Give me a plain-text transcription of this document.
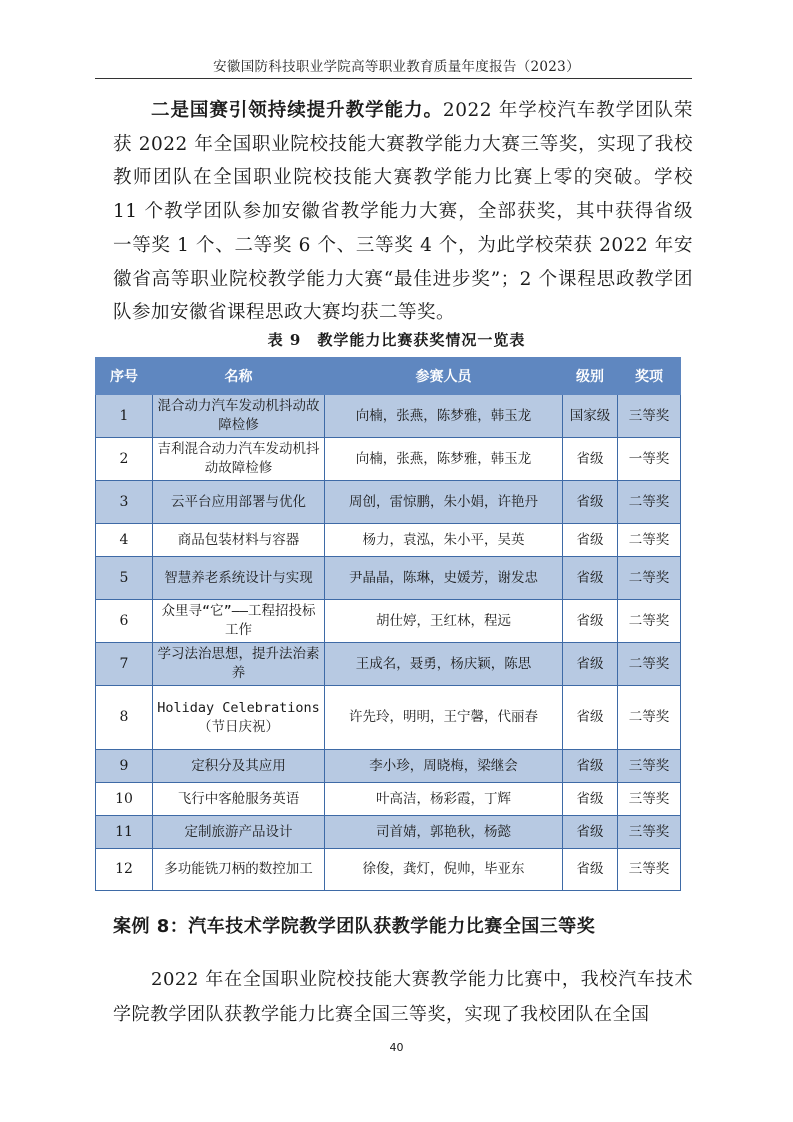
安徽国防科技职业学院高等职业教育质量年度报告（2023）
二是国赛引领持续提升教学能力。2022 年学校汽车教学团队荣获 2022 年全国职业院校技能大赛教学能力大赛三等奖，实现了我校教师团队在全国职业院校技能大赛教学能力比赛上零的突破。学校 11 个教学团队参加安徽省教学能力大赛，全部获奖，其中获得省级一等奖 1 个、二等奖 6 个、三等奖 4 个，为此学校荣获 2022 年安徽省高等职业院校教学能力大赛“最佳进步奖”；2 个课程思政教学团队参加安徽省课程思政大赛均获二等奖。
表 9　教学能力比赛获奖情况一览表
序号	名称	参赛人员	级别	奖项
1	混合动力汽车发动机抖动故障检修	向楠，张燕，陈梦雅，韩玉龙	国家级	三等奖
2	吉利混合动力汽车发动机抖动故障检修	向楠，张燕，陈梦雅，韩玉龙	省级	一等奖
3	云平台应用部署与优化	周创，雷惊鹏，朱小娟，许艳丹	省级	二等奖
4	商品包装材料与容器	杨力，袁泓，朱小平，吴英	省级	二等奖
5	智慧养老系统设计与实现	尹晶晶，陈琳，史媛芳，谢发忠	省级	二等奖
6	众里寻“它”——工程招投标工作	胡仕婷，王红林，程远	省级	二等奖
7	学习法治思想，提升法治素养	王成名，聂勇，杨庆颖，陈思	省级	二等奖
8	Holiday Celebrations（节日庆祝）	许先玲，明明，王宁馨，代丽春	省级	二等奖
9	定积分及其应用	李小珍，周晓梅，梁继会	省级	三等奖
10	飞行中客舱服务英语	叶高洁，杨彩霞，丁辉	省级	三等奖
11	定制旅游产品设计	司首婧，郭艳秋，杨懿	省级	三等奖
12	多功能铣刀柄的数控加工	徐俊，龚灯，倪帅，毕亚东	省级	三等奖
案例 8：汽车技术学院教学团队获教学能力比赛全国三等奖
2022 年在全国职业院校技能大赛教学能力比赛中，我校汽车技术学院教学团队获教学能力比赛全国三等奖，实现了我校团队在全国
40
